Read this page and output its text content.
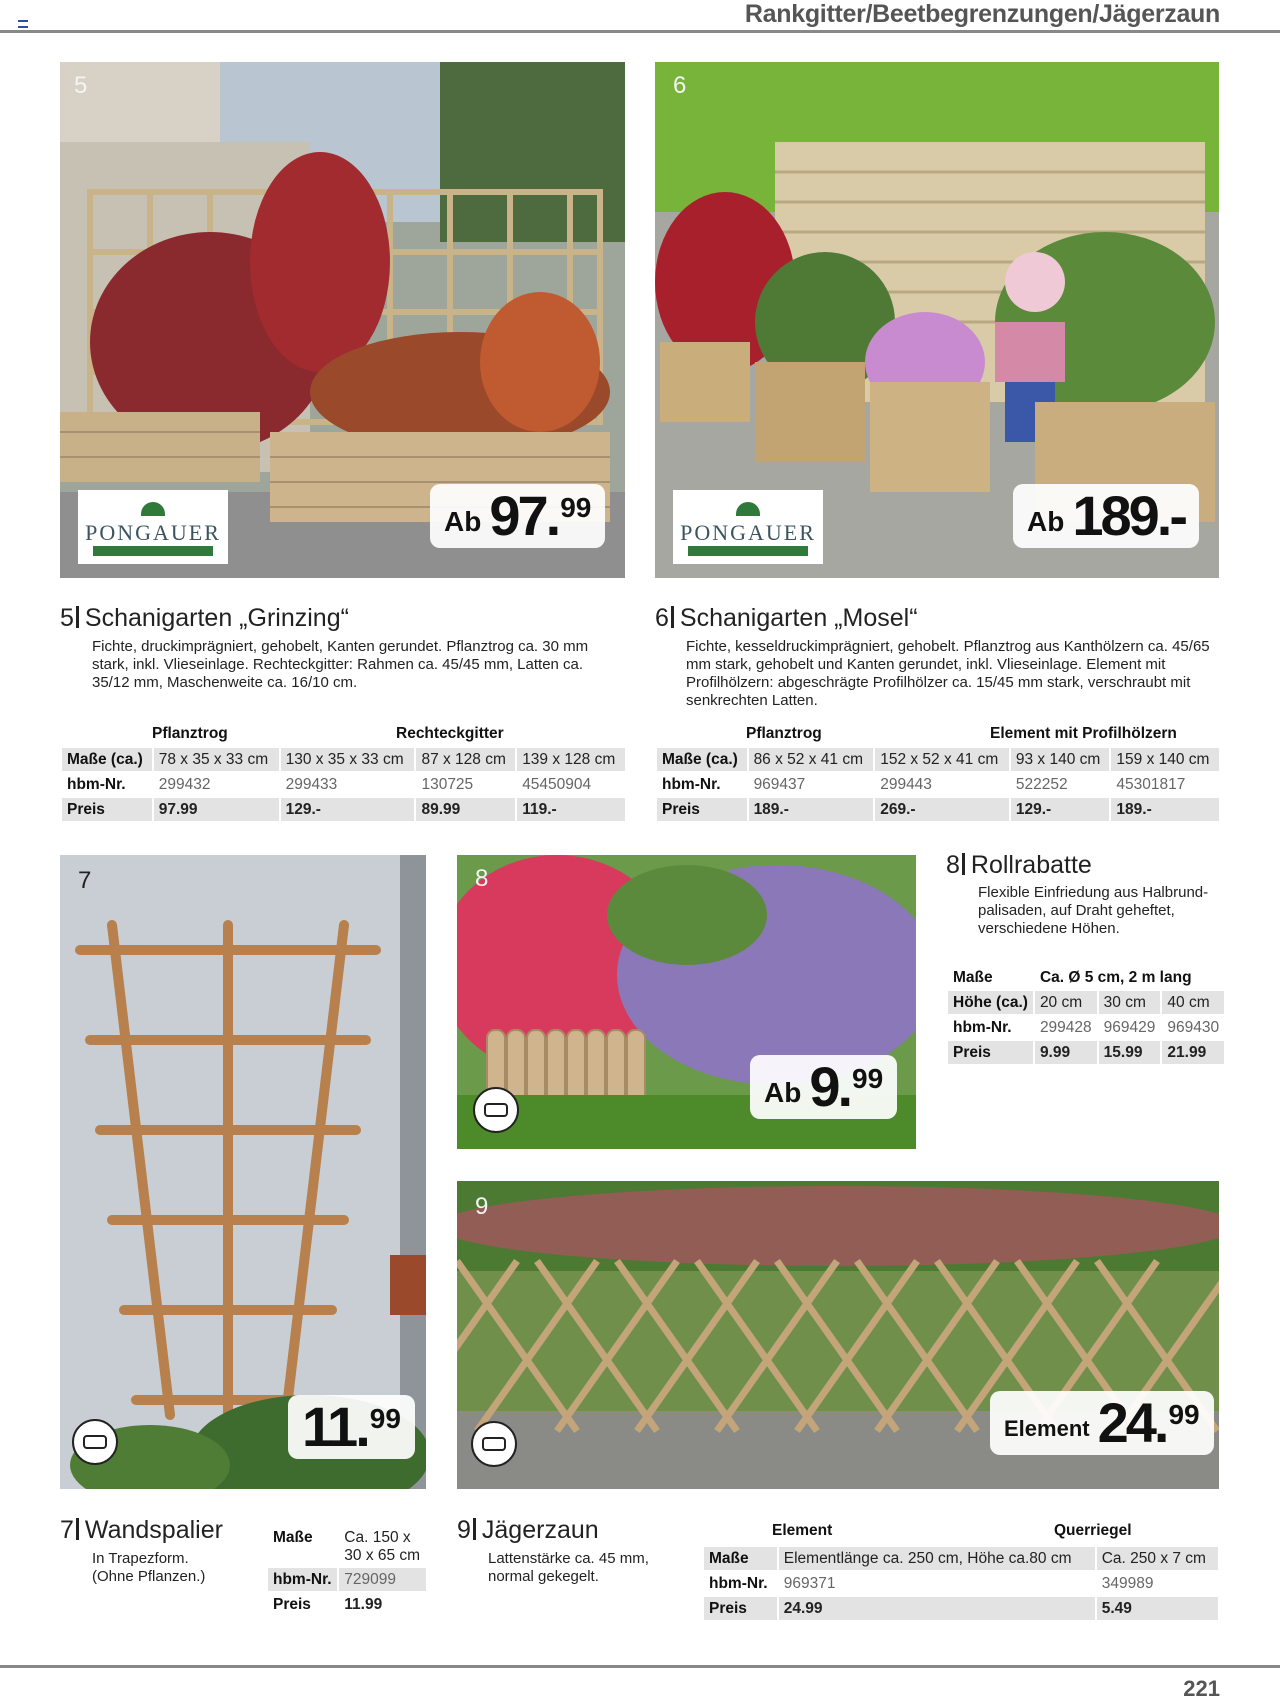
Rankgitter/Beetbegrenzungen/Jägerzaun
5
PONGAUER	Ab 97. 99
6
PONGAUER	Ab 189.-
5 Schanigarten „Grinzing“
Fichte, druckimprägniert, gehobelt, Kanten gerundet. Pflanztrog ca. 30 mm stark, inkl. Vlieseinlage. Rechteckgitter: Rahmen ca. 45/45 mm, Latten ca. 35/12 mm, Maschenweite ca. 16/10 cm.
Pflanztrog	Rechteckgitter
Maße (ca.)	78 x 35 x 33 cm	130 x 35 x 33 cm	87 x 128 cm	139 x 128 cm
hbm-Nr.	299432	299433	130725	45450904
Preis	97.99	129.-	89.99	119.-
6 Schanigarten „Mosel“
Fichte, kesseldruckimprägniert, gehobelt. Pflanztrog aus Kanthölzern ca. 45/65 mm stark, gehobelt und Kanten gerundet, inkl. Vlieseinlage. Element mit Profilhölzern: abgeschrägte Profilhölzer ca. 15/45 mm stark, verschraubt mit senkrechten Latten.
Pflanztrog	Element mit Profilhölzern
Maße (ca.)	86 x 52 x 41 cm	152 x 52 x 41 cm	93 x 140 cm	159 x 140 cm
hbm-Nr.	969437	299443	522252	45301817
Preis	189.-	269.-	129.-	189.-
7
11. 99
8
Ab 9. 99
8 Rollrabatte
Flexible Einfriedung aus Halbrund-
palisaden, auf Draht geheftet,
verschiedene Höhen.
Maße	Ca. Ø 5 cm, 2 m lang		
Höhe (ca.)	20 cm	30 cm	40 cm
hbm-Nr.	299428	969429	969430
Preis	9.99	15.99	21.99
9
Element 24. 99
7 Wandspalier
In Trapezform.
(Ohne Pflanzen.)
Maße	Ca. 150 x
30 x 65 cm

hbm-Nr.	729099
Preis	11.99
9 Jägerzaun
Lattenstärke ca. 45 mm,
normal gekegelt.
Element	Querriegel
Maße	Elementlänge ca. 250 cm, Höhe ca.80 cm	Ca. 250 x 7 cm
hbm-Nr.	969371	349989
Preis	24.99	5.49
221
